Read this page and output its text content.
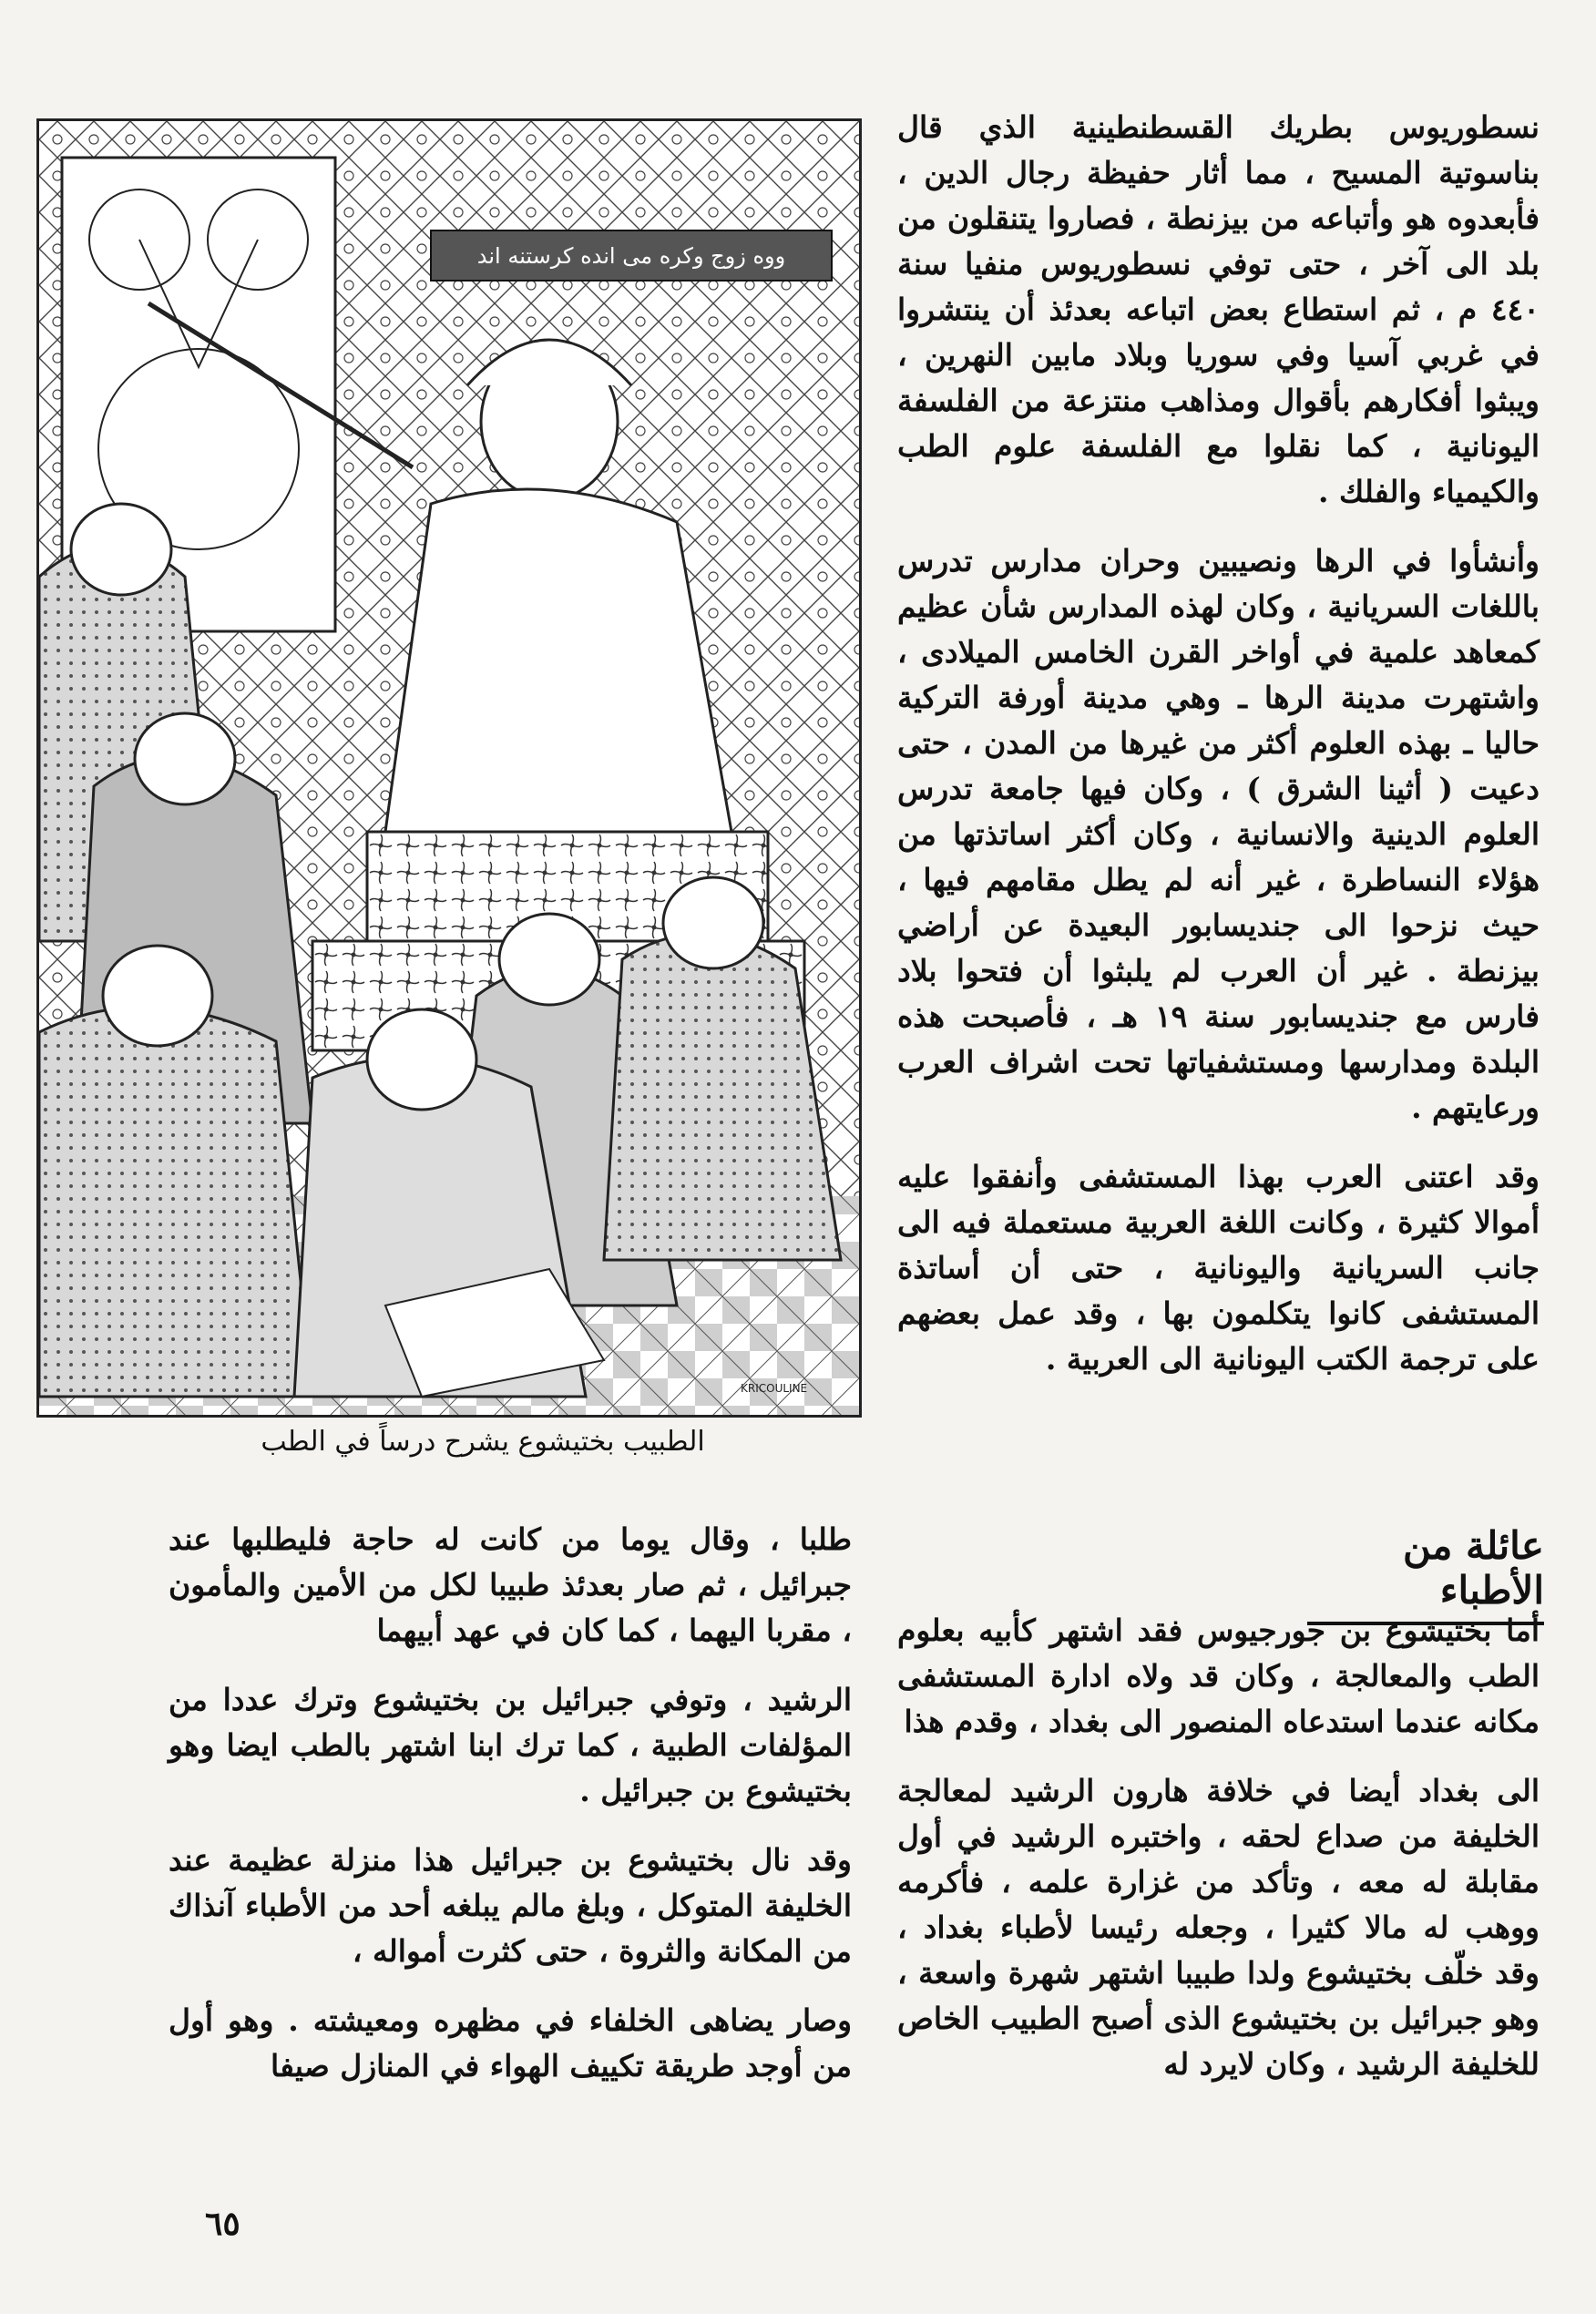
ووه زوج وكره مى انده كرستنه اند
KRICOULINE
الطبيب بختيشوع يشرح درساً في الطب

نسطوريوس بطريك القسطنطينية الذي قال بناسوتية المسيح ، مما أثار حفيظة رجال الدين ، فأبعدوه هو وأتباعه من بيزنطة ، فصاروا يتنقلون من بلد الى آخر ، حتى توفي نسطوريوس منفيا سنة ٤٤٠ م ، ثم استطاع بعض اتباعه بعدئذ أن ينتشروا في غربي آسيا وفي سوريا وبلاد مابين النهرين ، ويبثوا أفكارهم بأقوال ومذاهب منتزعة من الفلسفة اليونانية ، كما نقلوا مع الفلسفة علوم الطب والكيمياء والفلك .

وأنشأوا في الرها ونصيبين وحران مدارس تدرس باللغات السريانية ، وكان لهذه المدارس شأن عظيم كمعاهد علمية في أواخر القرن الخامس الميلادى ، واشتهرت مدينة الرها ـ وهي مدينة أورفة التركية حاليا ـ بهذه العلوم أكثر من غيرها من المدن ، حتى دعيت ( أثينا الشرق ) ، وكان فيها جامعة تدرس العلوم الدينية والانسانية ، وكان أكثر اساتذتها من هؤلاء النساطرة ، غير أنه لم يطل مقامهم فيها ، حيث نزحوا الى جنديسابور البعيدة عن أراضي بيزنطة . غير أن العرب لم يلبثوا أن فتحوا بلاد فارس مع جنديسابور سنة ١٩ هـ ، فأصبحت هذه البلدة ومدارسها ومستشفياتها تحت اشراف العرب ورعايتهم .

وقد اعتنى العرب بهذا المستشفى وأنفقوا عليه أموالا كثيرة ، وكانت اللغة العربية مستعملة فيه الى جانب السريانية واليونانية ، حتى أن أساتذة المستشفى كانوا يتكلمون بها ، وقد عمل بعضهم على ترجمة الكتب اليونانية الى العربية .

عائلة من الأطباء

أما بختيشوع بن جورجيوس فقد اشتهر كأبيه بعلوم الطب والمعالجة ، وكان قد ولاه ادارة المستشفى مكانه عندما استدعاه المنصور الى بغداد ، وقدم هذا

الى بغداد أيضا في خلافة هارون الرشيد لمعالجة الخليفة من صداع لحقه ، واختبره الرشيد في أول مقابلة له معه ، وتأكد من غزارة علمه ، فأكرمه ووهب له مالا كثيرا ، وجعله رئيسا لأطباء بغداد ، وقد خلّف بختيشوع ولدا طبيبا اشتهر شهرة واسعة ، وهو جبرائيل بن بختيشوع الذى أصبح الطبيب الخاص للخليفة الرشيد ، وكان لايرد له

طلبا ، وقال يوما من كانت له حاجة فليطلبها عند جبرائيل ، ثم صار بعدئذ طبيبا لكل من الأمين والمأمون ، مقربا اليهما ، كما كان في عهد أبيهما

الرشيد ، وتوفي جبرائيل بن بختيشوع وترك عددا من المؤلفات الطبية ، كما ترك ابنا اشتهر بالطب ايضا وهو بختيشوع بن جبرائيل .

وقد نال بختيشوع بن جبرائيل هذا منزلة عظيمة عند الخليفة المتوكل ، وبلغ مالم يبلغه أحد من الأطباء آنذاك من المكانة والثروة ، حتى كثرت أمواله ،

وصار يضاهى الخلفاء في مظهره ومعيشته . وهو أول من أوجد طريقة تكييف الهواء في المنازل صيفا

٦٥
